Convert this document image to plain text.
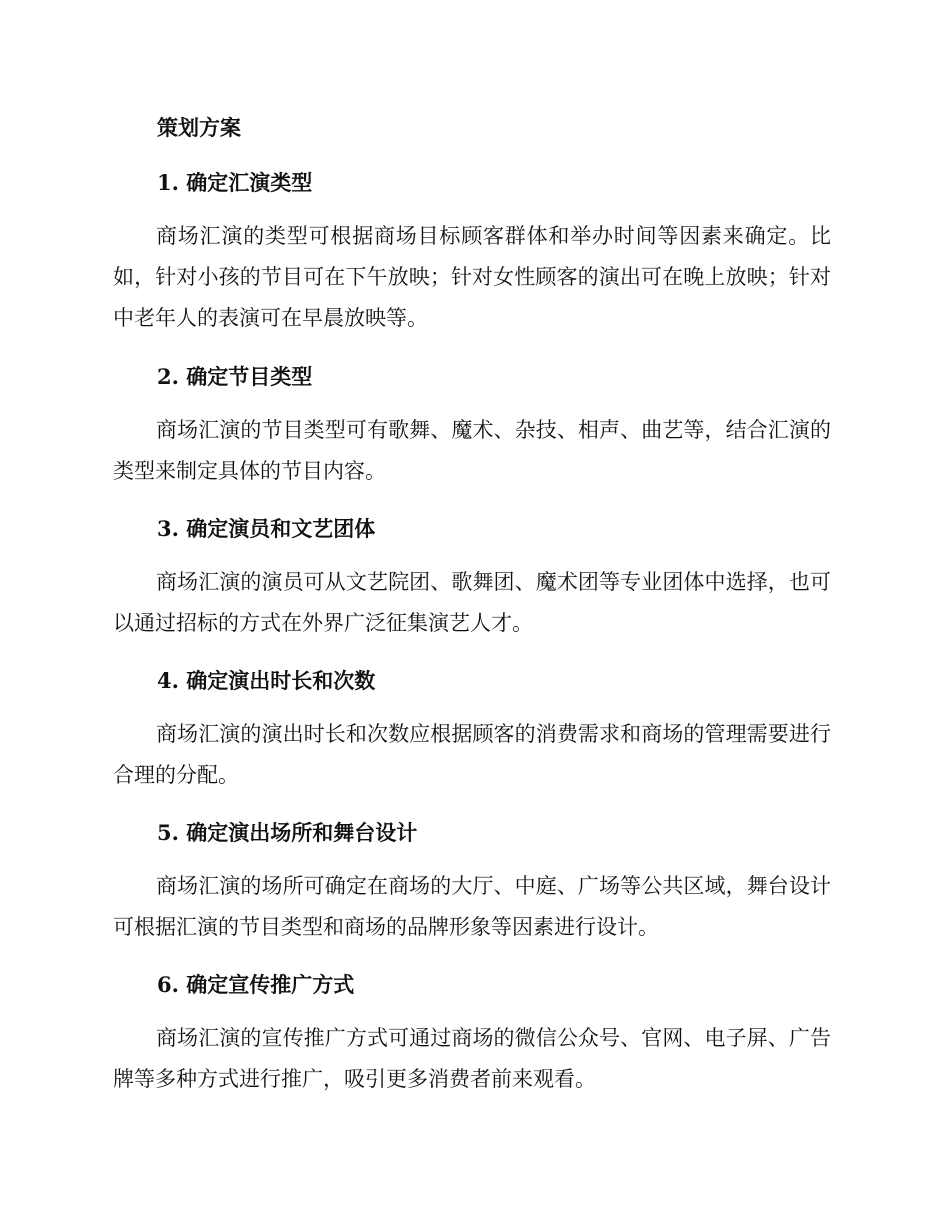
策划方案
1. 确定汇演类型

商场汇演的类型可根据商场目标顾客群体和举办时间等因素来确定。比如，针对小孩的节目可在下午放映；针对女性顾客的演出可在晚上放映；针对中老年人的表演可在早晨放映等。

2. 确定节目类型

商场汇演的节目类型可有歌舞、魔术、杂技、相声、曲艺等，结合汇演的类型来制定具体的节目内容。

3. 确定演员和文艺团体

商场汇演的演员可从文艺院团、歌舞团、魔术团等专业团体中选择，也可以通过招标的方式在外界广泛征集演艺人才。

4. 确定演出时长和次数

商场汇演的演出时长和次数应根据顾客的消费需求和商场的管理需要进行合理的分配。

5. 确定演出场所和舞台设计

商场汇演的场所可确定在商场的大厅、中庭、广场等公共区域，舞台设计可根据汇演的节目类型和商场的品牌形象等因素进行设计。

6. 确定宣传推广方式

商场汇演的宣传推广方式可通过商场的微信公众号、官网、电子屏、广告牌等多种方式进行推广，吸引更多消费者前来观看。
